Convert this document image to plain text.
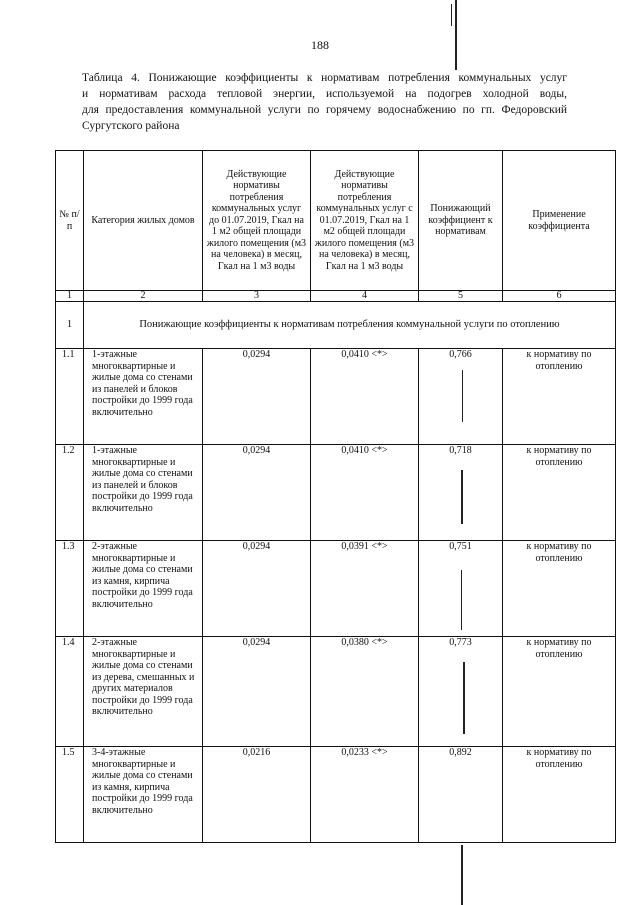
188
Таблица 4. Понижающие коэффициенты к нормативам потребления коммунальных услуг
и нормативам расхода тепловой энергии, используемой на подогрев холодной воды,
для предоставления коммунальной услуги по горячему водоснабжению по гп. Федоровский
Сургутского района
№ п/п	Категория жилых домов	Действующие нормативы потребления коммунальных услуг до 01.07.2019, Гкал на 1 м2 общей площади жилого помещения (м3 на человека) в месяц, Гкал на 1 м3 воды	Действующие нормативы потребления коммунальных услуг с 01.07.2019, Гкал на 1 м2 общей площади жилого помещения (м3 на человека) в месяц, Гкал на 1 м3 воды	Понижающий коэффициент к нормативам	Применение коэффициента
1	2	3	4	5	6
1	Понижающие коэффициенты к нормативам потребления коммунальной услуги по отоплению				
1.1	1-этажные многоквартирные и жилые дома со стенами из панелей и блоков постройки до 1999 года включительно	0,0294	0,0410 <*>	0,766	к нормативу по отоплению
1.2	1-этажные многоквартирные и жилые дома со стенами из панелей и блоков постройки до 1999 года включительно	0,0294	0,0410 <*>	0,718	к нормативу по отоплению
1.3	2-этажные многоквартирные и жилые дома со стенами из камня, кирпича постройки до 1999 года включительно	0,0294	0,0391 <*>	0,751	к нормативу по отоплению
1.4	2-этажные многоквартирные и жилые дома со стенами из дерева, смешанных и других материалов постройки до 1999 года включительно	0,0294	0,0380 <*>	0,773	к нормативу по отоплению
1.5	3-4-этажные многоквартирные и жилые дома со стенами из камня, кирпича постройки до 1999 года включительно	0,0216	0,0233 <*>	0,892	к нормативу по отоплению
